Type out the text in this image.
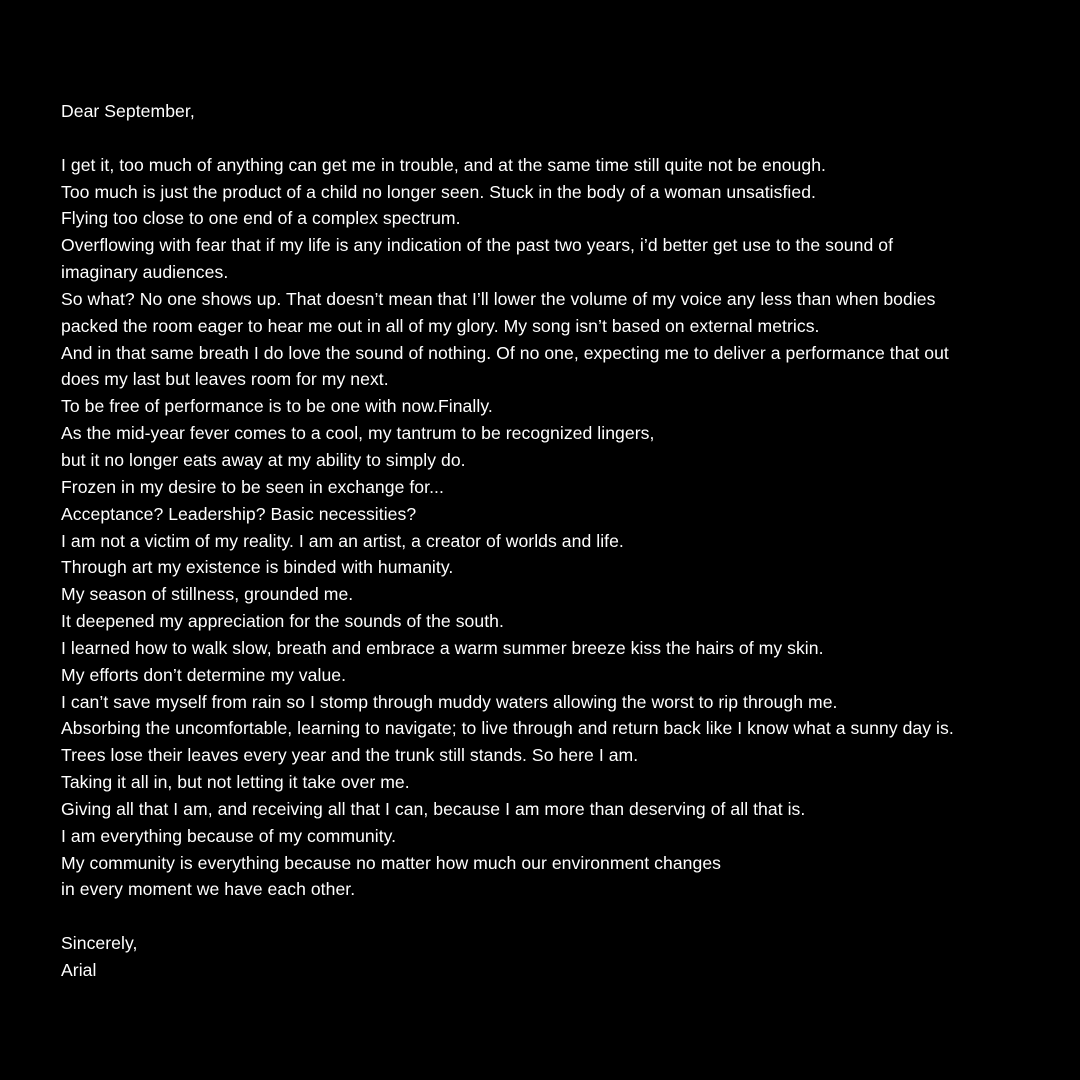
Dear September,
I get it, too much of anything can get me in trouble, and at the same time still quite not be enough.
Too much is just the product of a child no longer seen. Stuck in the body of a woman unsatisfied.
Flying too close to one end of a complex spectrum.
Overflowing with fear that if my life is any indication of the past two years, i’d better get use to the sound of
imaginary audiences.
So what? No one shows up. That doesn’t mean that I’ll lower the volume of my voice any less than when bodies
packed the room eager to hear me out in all of my glory. My song isn’t based on external metrics.
And in that same breath I do love the sound of nothing. Of no one, expecting me to deliver a performance that out
does my last but leaves room for my next.
To be free of performance is to be one with now.Finally.
As the mid-year fever comes to a cool, my tantrum to be recognized lingers,
but it no longer eats away at my ability to simply do.
Frozen in my desire to be seen in exchange for...
Acceptance? Leadership? Basic necessities?
I am not a victim of my reality. I am an artist, a creator of worlds and life.
Through art my existence is binded with humanity.
My season of stillness, grounded me.
It deepened my appreciation for the sounds of the south.
I learned how to walk slow, breath and embrace a warm summer breeze kiss the hairs of my skin.
My efforts don’t determine my value.
I can’t save myself from rain so I stomp through muddy waters allowing the worst to rip through me.
Absorbing the uncomfortable, learning to navigate; to live through and return back like I know what a sunny day is.
Trees lose their leaves every year and the trunk still stands. So here I am.
Taking it all in, but not letting it take over me.
Giving all that I am, and receiving all that I can, because I am more than deserving of all that is.
I am everything because of my community.
My community is everything because no matter how much our environment changes
in every moment we have each other.
Sincerely,
Arial
